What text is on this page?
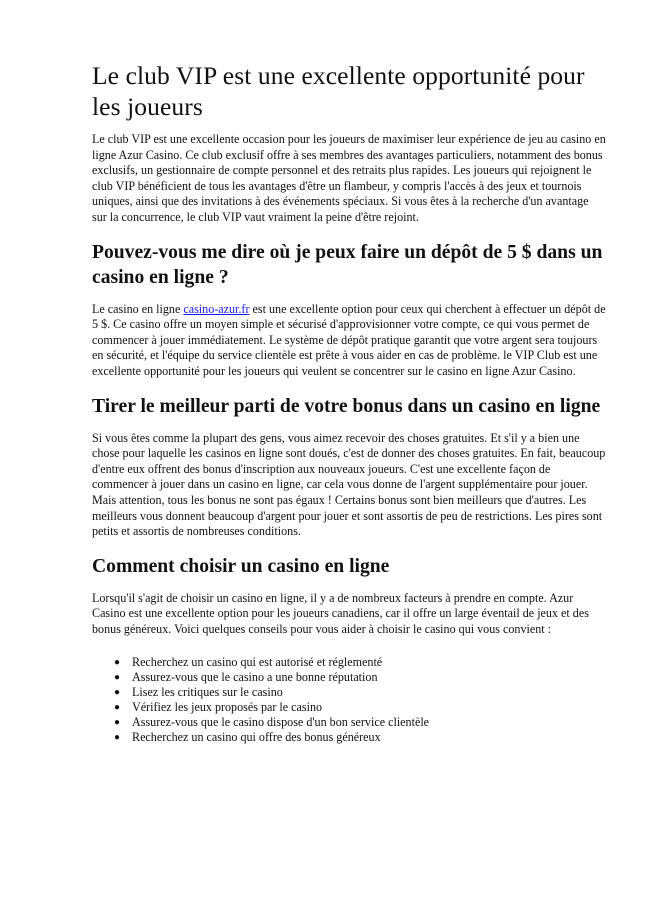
Le club VIP est une excellente opportunité pour les joueurs

Le club VIP est une excellente occasion pour les joueurs de maximiser leur expérience de jeu au casino en ligne Azur Casino. Ce club exclusif offre à ses membres des avantages particuliers, notamment des bonus exclusifs, un gestionnaire de compte personnel et des retraits plus rapides. Les joueurs qui rejoignent le club VIP bénéficient de tous les avantages d'être un flambeur, y compris l'accès à des jeux et tournois uniques, ainsi que des invitations à des événements spéciaux. Si vous êtes à la recherche d'un avantage sur la concurrence, le club VIP vaut vraiment la peine d'être rejoint.

Pouvez-vous me dire où je peux faire un dépôt de 5 $ dans un casino en ligne ?

Le casino en ligne casino-azur.fr est une excellente option pour ceux qui cherchent à effectuer un dépôt de 5 $. Ce casino offre un moyen simple et sécurisé d'approvisionner votre compte, ce qui vous permet de commencer à jouer immédiatement. Le système de dépôt pratique garantit que votre argent sera toujours en sécurité, et l'équipe du service clientèle est prête à vous aider en cas de problème. le VIP Club est une excellente opportunité pour les joueurs qui veulent se concentrer sur le casino en ligne Azur Casino.

Tirer le meilleur parti de votre bonus dans un casino en ligne

Si vous êtes comme la plupart des gens, vous aimez recevoir des choses gratuites. Et s'il y a bien une chose pour laquelle les casinos en ligne sont doués, c'est de donner des choses gratuites. En fait, beaucoup d'entre eux offrent des bonus d'inscription aux nouveaux joueurs. C'est une excellente façon de commencer à jouer dans un casino en ligne, car cela vous donne de l'argent supplémentaire pour jouer. Mais attention, tous les bonus ne sont pas égaux ! Certains bonus sont bien meilleurs que d'autres. Les meilleurs vous donnent beaucoup d'argent pour jouer et sont assortis de peu de restrictions. Les pires sont petits et assortis de nombreuses conditions.

Comment choisir un casino en ligne

Lorsqu'il s'agit de choisir un casino en ligne, il y a de nombreux facteurs à prendre en compte. Azur Casino est une excellente option pour les joueurs canadiens, car il offre un large éventail de jeux et des bonus généreux. Voici quelques conseils pour vous aider à choisir le casino qui vous convient :

● Recherchez un casino qui est autorisé et réglementé
● Assurez-vous que le casino a une bonne réputation
● Lisez les critiques sur le casino
● Vérifiez les jeux proposés par le casino
● Assurez-vous que le casino dispose d'un bon service clientèle
● Recherchez un casino qui offre des bonus généreux
